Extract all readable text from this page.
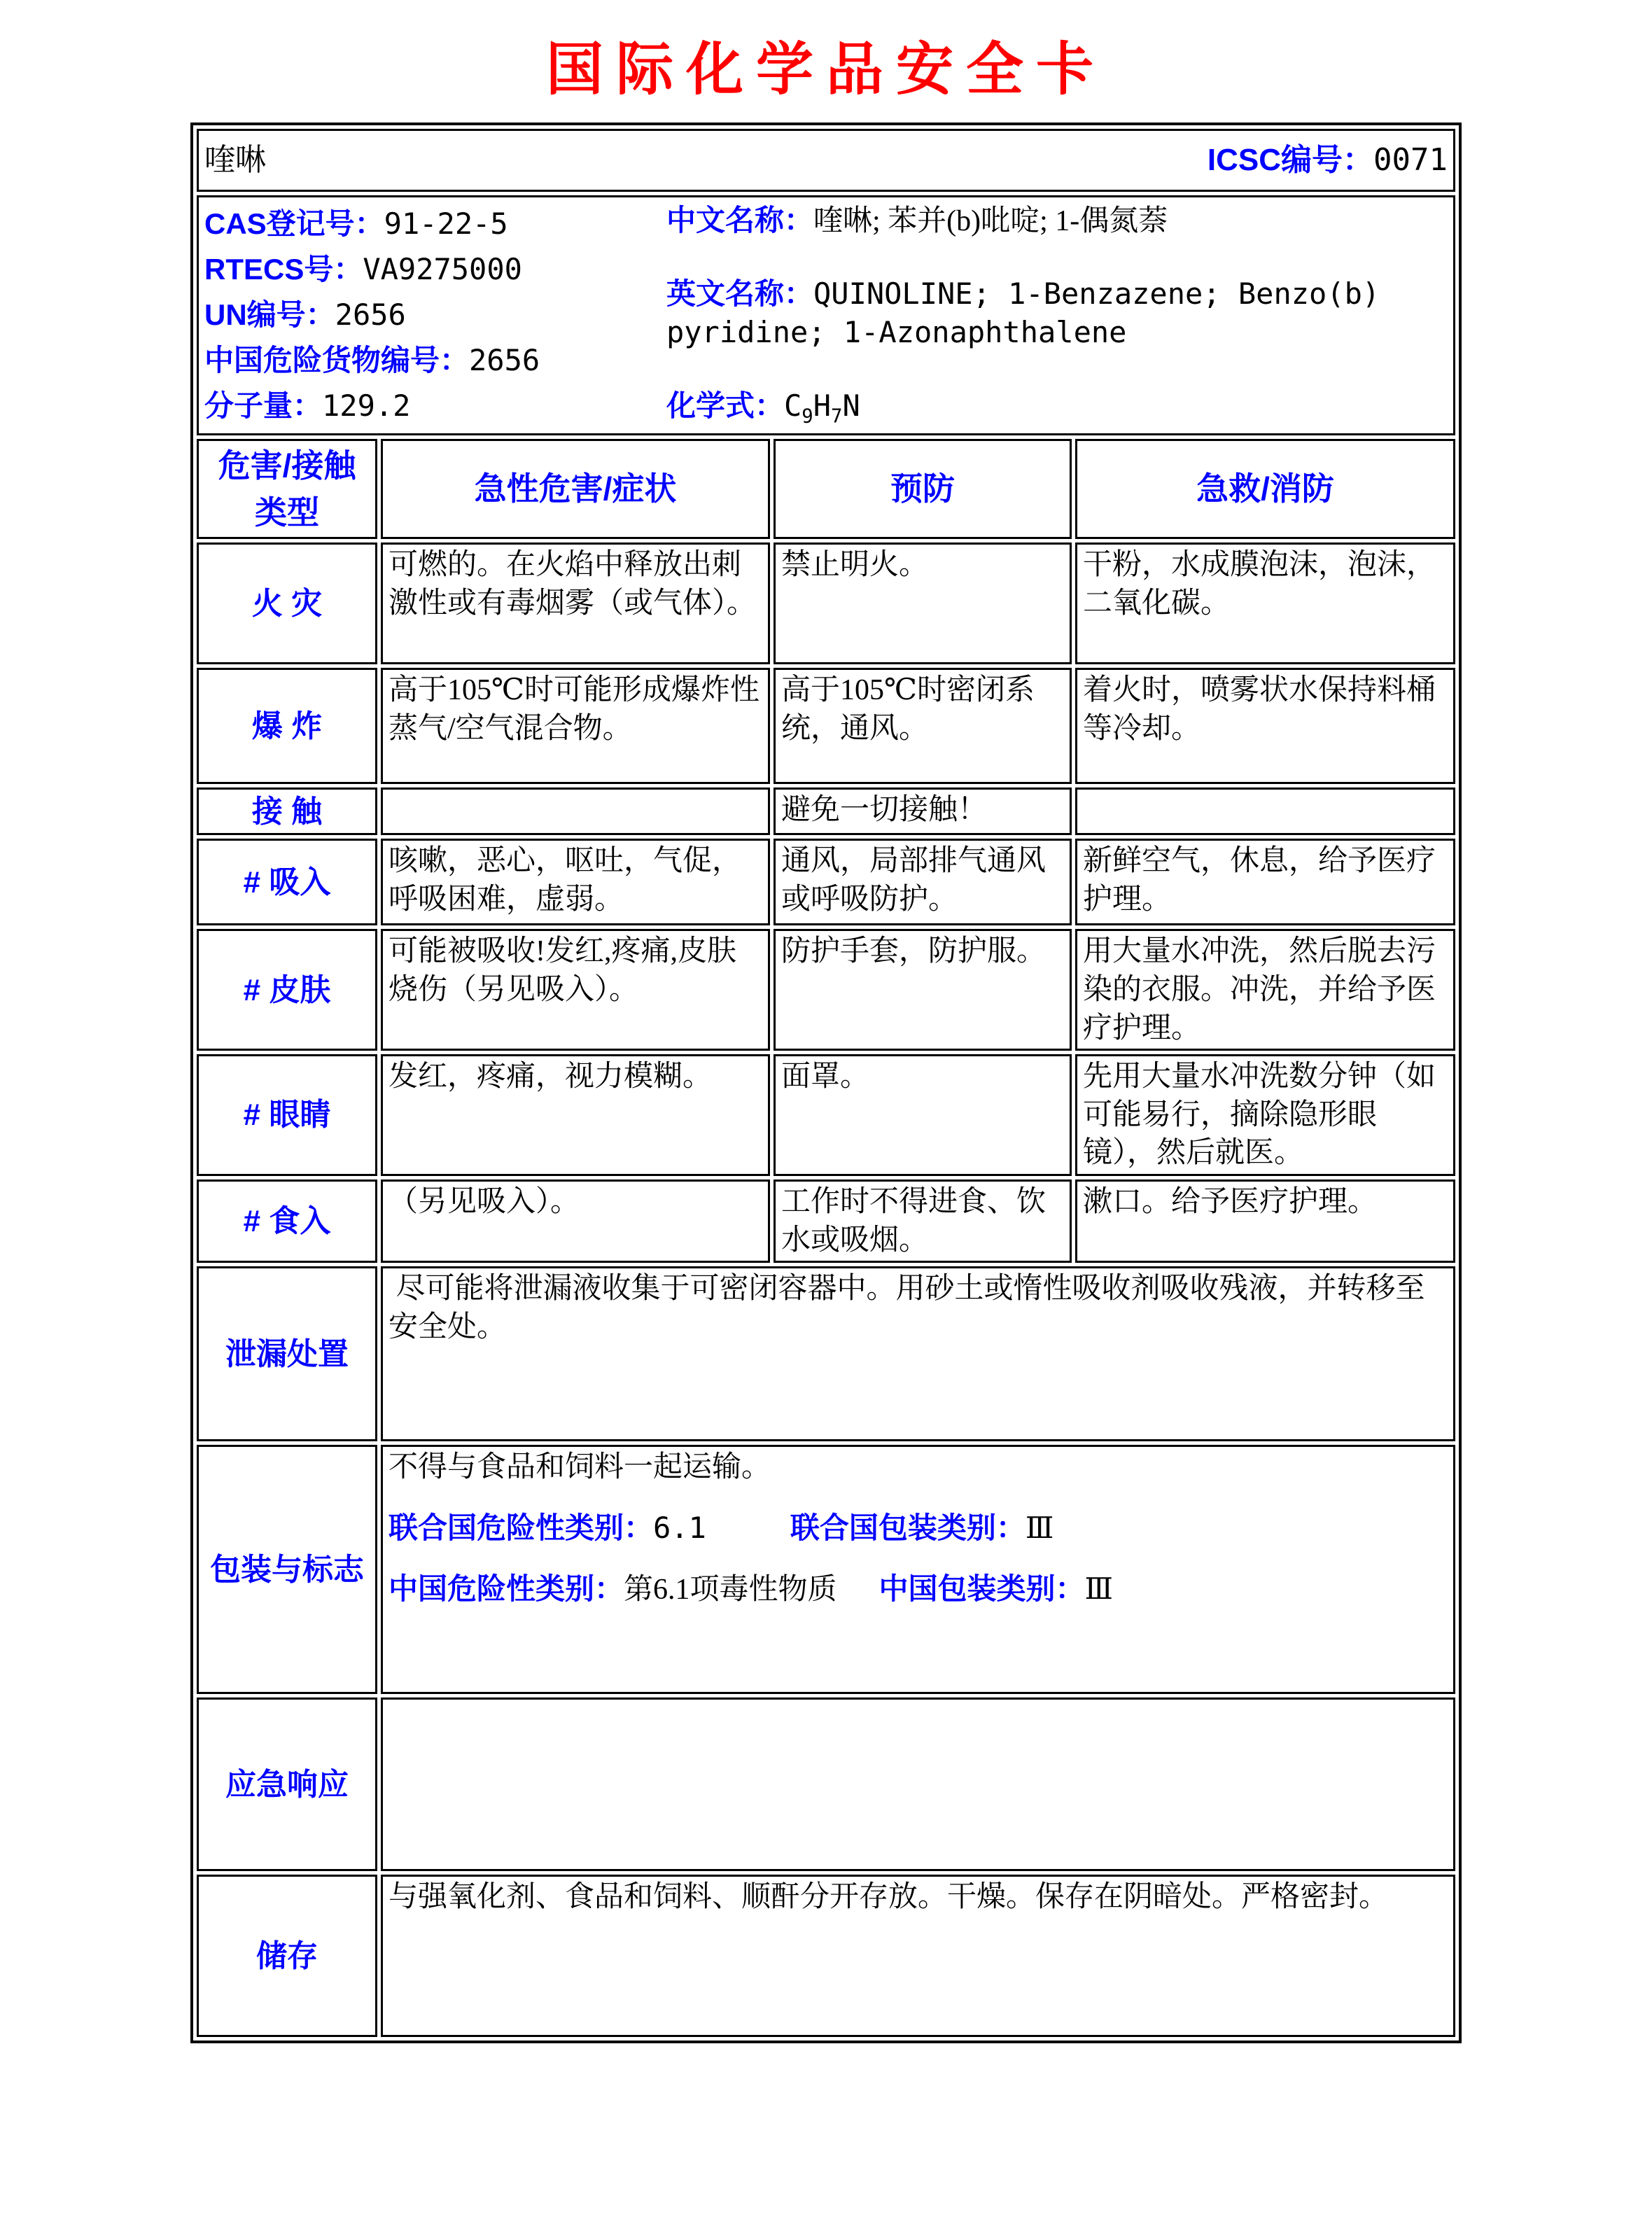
国际化学品安全卡
喹啉 ICSC编号：0071			

CAS登记号：91-22-5
RTECS号：VA9275000
UN编号：2656
中国危险货物编号：2656
分子量：129.2
中文名称：喹啉; 苯并(b)吡啶; 1-偶氮萘
英文名称：QUINOLINE; 1-Benzazene; Benzo(b)pyridine; 1-Azonaphthalene
化学式：$C_9H_7N$

危害/接触 类型	急性危害/症状	预防	急救/消防
火 灾	可燃的。在火焰中释放出刺激性或有毒烟雾（或气体）。	禁止明火。	干粉，水成膜泡沫，泡沫，二氧化碳。
爆 炸	高于105℃时可能形成爆炸性蒸气/空气混合物。	高于105℃时密闭系统，通风。	着火时，喷雾状水保持料桶等冷却。
接 触		避免一切接触！	
# 吸入	咳嗽，恶心，呕吐，气促，呼吸困难，虚弱。	通风，局部排气通风或呼吸防护。	新鲜空气，休息，给予医疗护理。
# 皮肤	可能被吸收!发红,疼痛,皮肤烧伤（另见吸入）。	防护手套，防护服。	用大量水冲洗，然后脱去污染的衣服。冲洗，并给予医疗护理。
# 眼睛	发红，疼痛，视力模糊。	面罩。	先用大量水冲洗数分钟（如可能易行，摘除隐形眼镜），然后就医。
# 食入	（另见吸入）。	工作时不得进食、饮水或吸烟。	漱口。给予医疗护理。
泄漏处置	尽可能将泄漏液收集于可密闭容器中。用砂土或惰性吸收剂吸收残液，并转移至安全处。		
包装与标志	不得与食品和饲料一起运输。
联合国危险性类别：6.1 联合国包装类别：Ⅲ
中国危险性类别：第6.1项毒性物质 中国包装类别：Ⅲ		

应急响应			
储存	与强氧化剂、食品和饲料、顺酐分开存放。干燥。保存在阴暗处。严格密封。		
